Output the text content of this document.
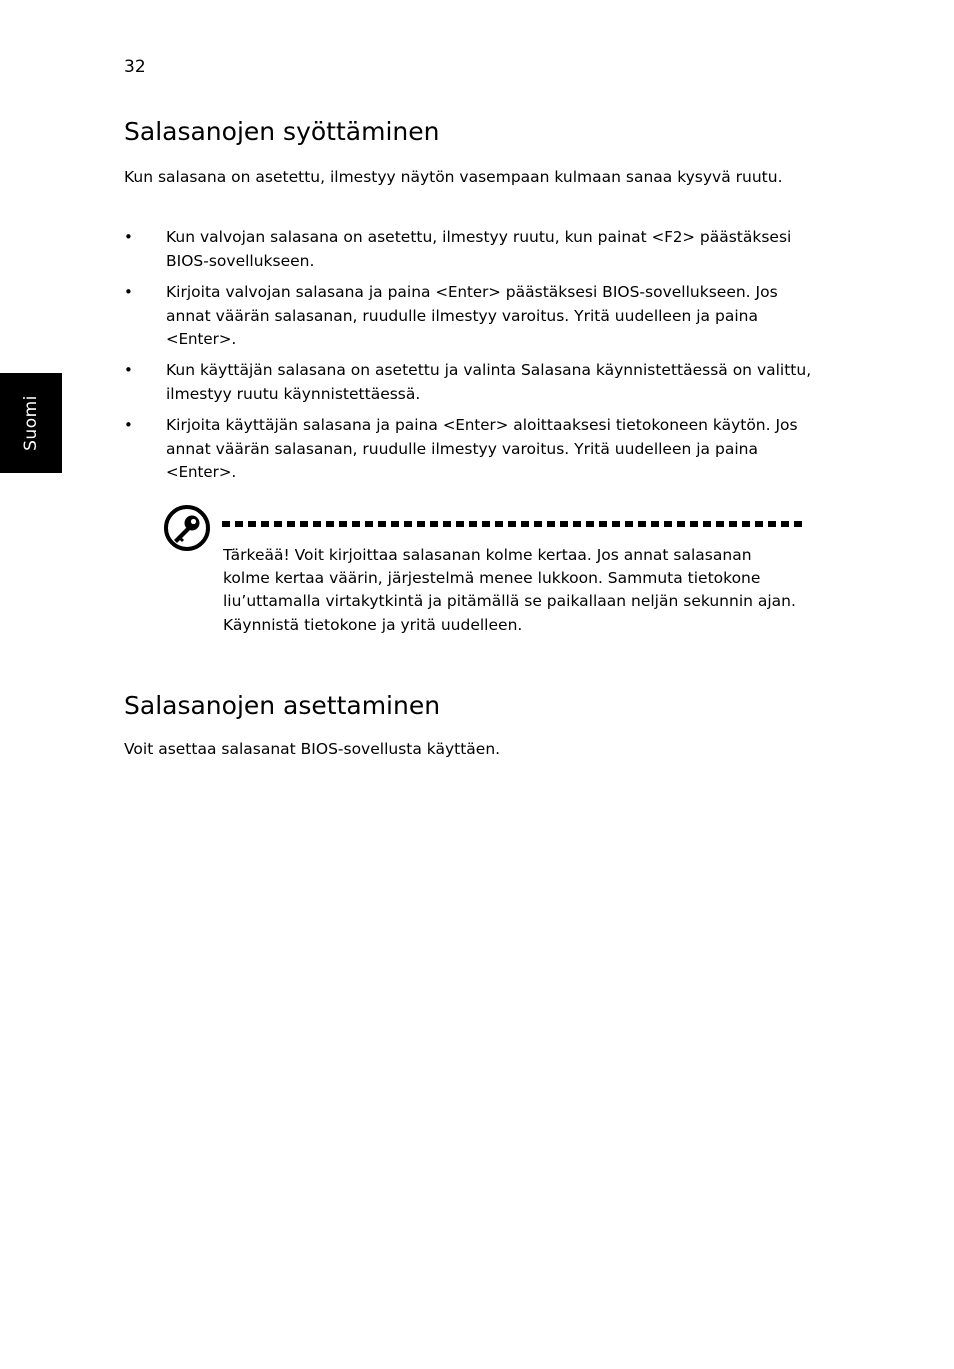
32
Suomi
Salasanojen syöttäminen

Kun salasana on asetettu, ilmestyy näytön vasempaan kulmaan sanaa kysyvä ruutu.

•	Kun valvojan salasana on asetettu, ilmestyy ruutu, kun painat <F2> päästäksesi BIOS-sovellukseen.
•	Kirjoita valvojan salasana ja paina <Enter> päästäksesi BIOS-sovellukseen. Jos annat väärän salasanan, ruudulle ilmestyy varoitus. Yritä uudelleen ja paina <Enter>.
•	Kun käyttäjän salasana on asetettu ja valinta Salasana käynnistettäessä on valittu, ilmestyy ruutu käynnistettäessä.
•	Kirjoita käyttäjän salasana ja paina <Enter> aloittaaksesi tietokoneen käytön. Jos annat väärän salasanan, ruudulle ilmestyy varoitus. Yritä uudelleen ja paina <Enter>.
Tärkeää! Voit kirjoittaa salasanan kolme kertaa. Jos annat salasanan kolme kertaa väärin, järjestelmä menee lukkoon. Sammuta tietokone liu’uttamalla virtakytkintä ja pitämällä se paikallaan neljän sekunnin ajan. Käynnistä tietokone ja yritä uudelleen.
Salasanojen asettaminen

Voit asettaa salasanat BIOS-sovellusta käyttäen.
